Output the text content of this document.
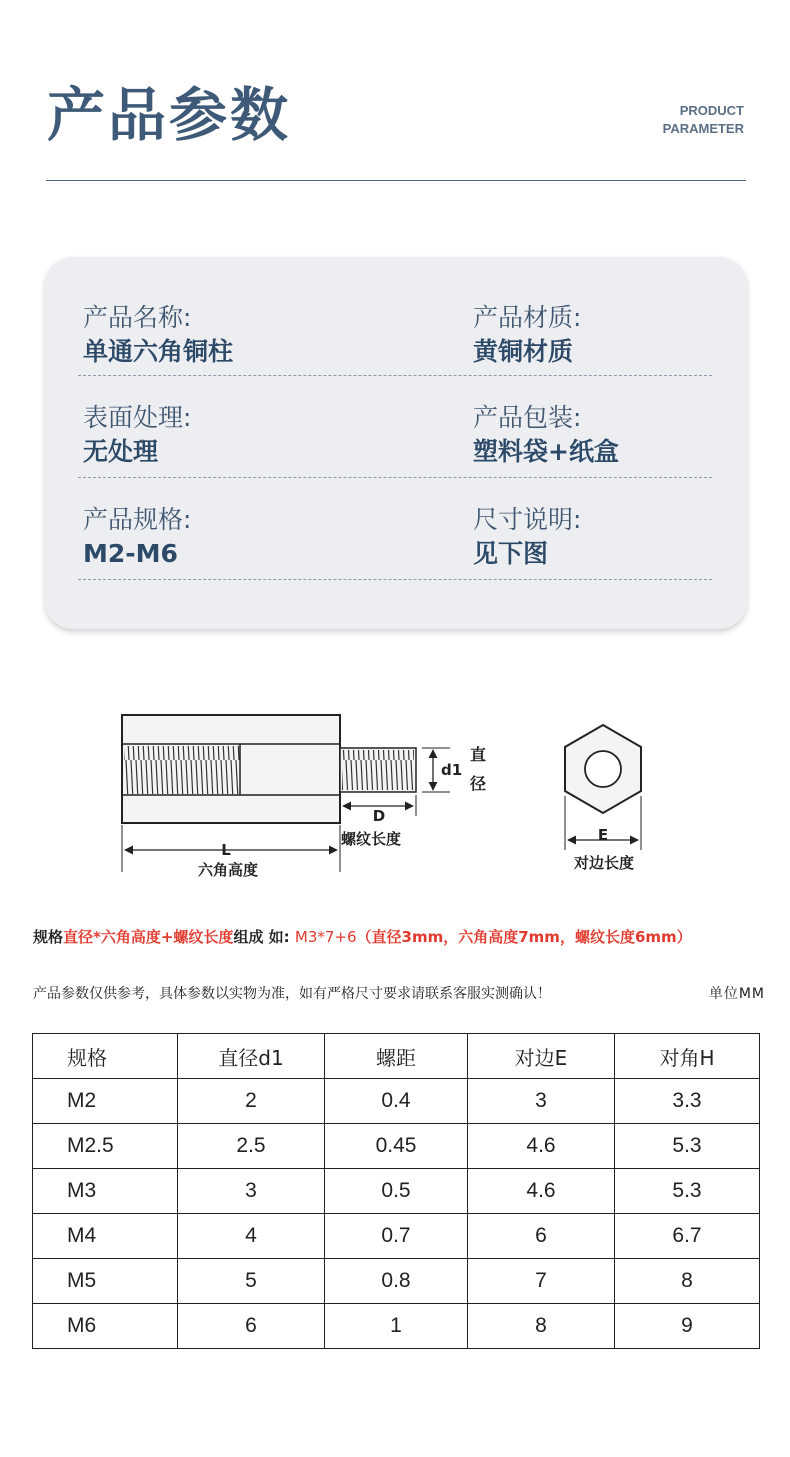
产品参数	PRODUCT
PARAMETER
产品名称:
单通六角铜柱
产品材质:
黄铜材质
表面处理:
无处理
产品包装:
塑料袋+纸盒
产品规格:
M2-M6
尺寸说明:
见下图
d1
直
径
D
螺纹长度
L
六角高度
E
对边长度
规格直径*六角高度+螺纹长度组成 如: M3*7+6（直径3mm，六角高度7mm，螺纹长度6mm）
产品参数仅供参考，具体参数以实物为准，如有严格尺寸要求请联系客服实测确认！	单位MM
规格	直径d1	螺距	对边E	对角H
M2	2	0.4	3	3.3
M2.5	2.5	0.45	4.6	5.3
M3	3	0.5	4.6	5.3
M4	4	0.7	6	6.7
M5	5	0.8	7	8
M6	6	1	8	9
